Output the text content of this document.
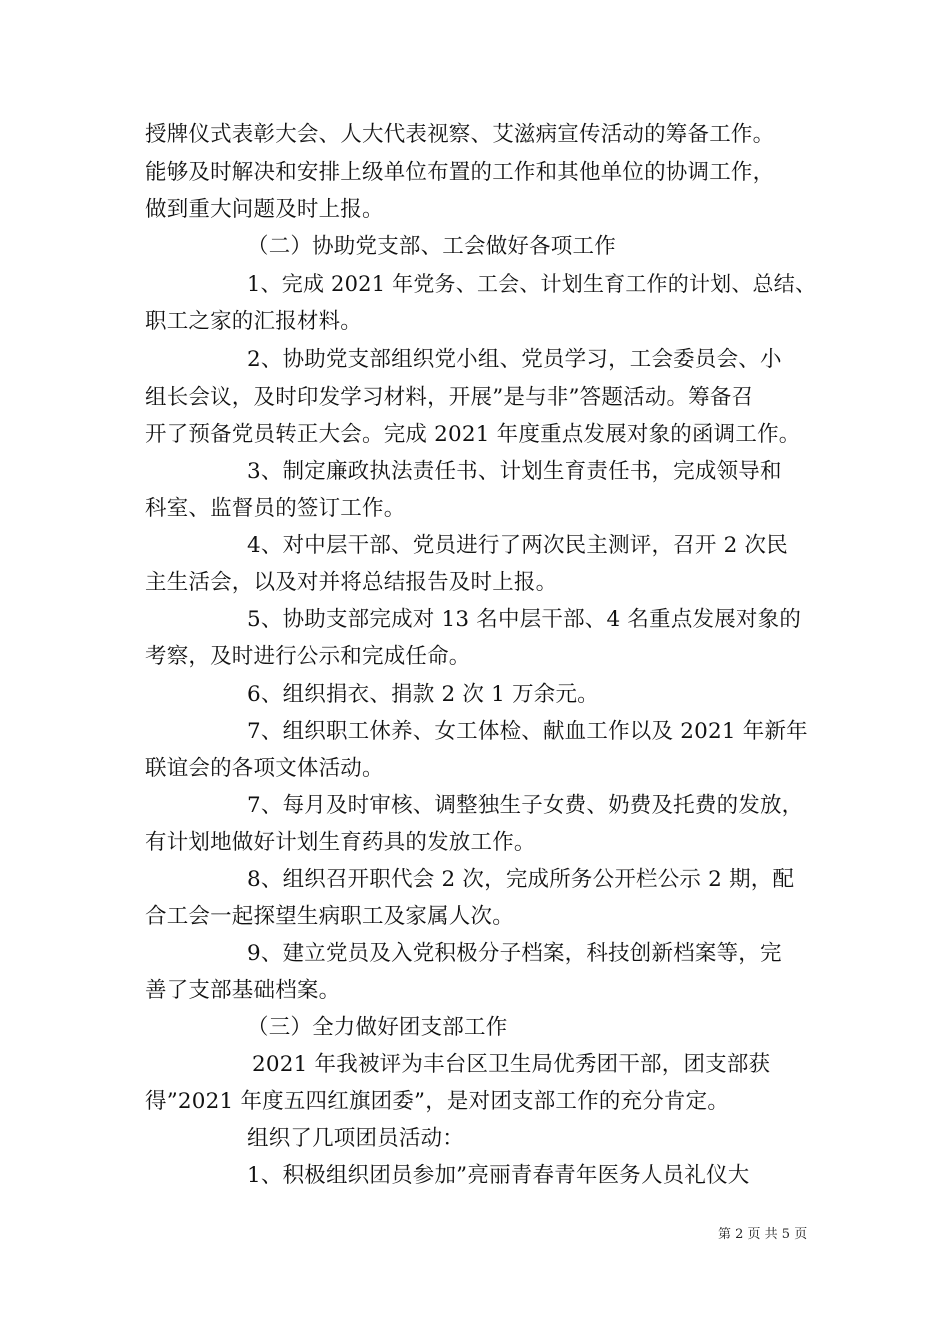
授牌仪式表彰大会、人大代表视察、艾滋病宣传活动的筹备工作。
能够及时解决和安排上级单位布置的工作和其他单位的协调工作，
做到重大问题及时上报。
（二）协助党支部、工会做好各项工作
1、完成 2021 年党务、工会、计划生育工作的计划、总结、
职工之家的汇报材料。
2、协助党支部组织党小组、党员学习，工会委员会、小
组长会议，及时印发学习材料，开展”是与非”答题活动。筹备召
开了预备党员转正大会。完成 2021 年度重点发展对象的函调工作。
3、制定廉政执法责任书、计划生育责任书，完成领导和
科室、监督员的签订工作。
4、对中层干部、党员进行了两次民主测评，召开 2 次民
主生活会，以及对并将总结报告及时上报。
5、协助支部完成对 13 名中层干部、4 名重点发展对象的
考察，及时进行公示和完成任命。
6、组织捐衣、捐款 2 次 1 万余元。
7、组织职工休养、女工体检、献血工作以及 2021 年新年
联谊会的各项文体活动。
7、每月及时审核、调整独生子女费、奶费及托费的发放，
有计划地做好计划生育药具的发放工作。
8、组织召开职代会 2 次，完成所务公开栏公示 2 期，配
合工会一起探望生病职工及家属人次。
9、建立党员及入党积极分子档案，科技创新档案等，完
善了支部基础档案。
（三）全力做好团支部工作
2021 年我被评为丰台区卫生局优秀团干部，团支部获
得”2021 年度五四红旗团委”，是对团支部工作的充分肯定。
组织了几项团员活动：
1、积极组织团员参加”亮丽青春青年医务人员礼仪大
第 2 页 共 5 页
